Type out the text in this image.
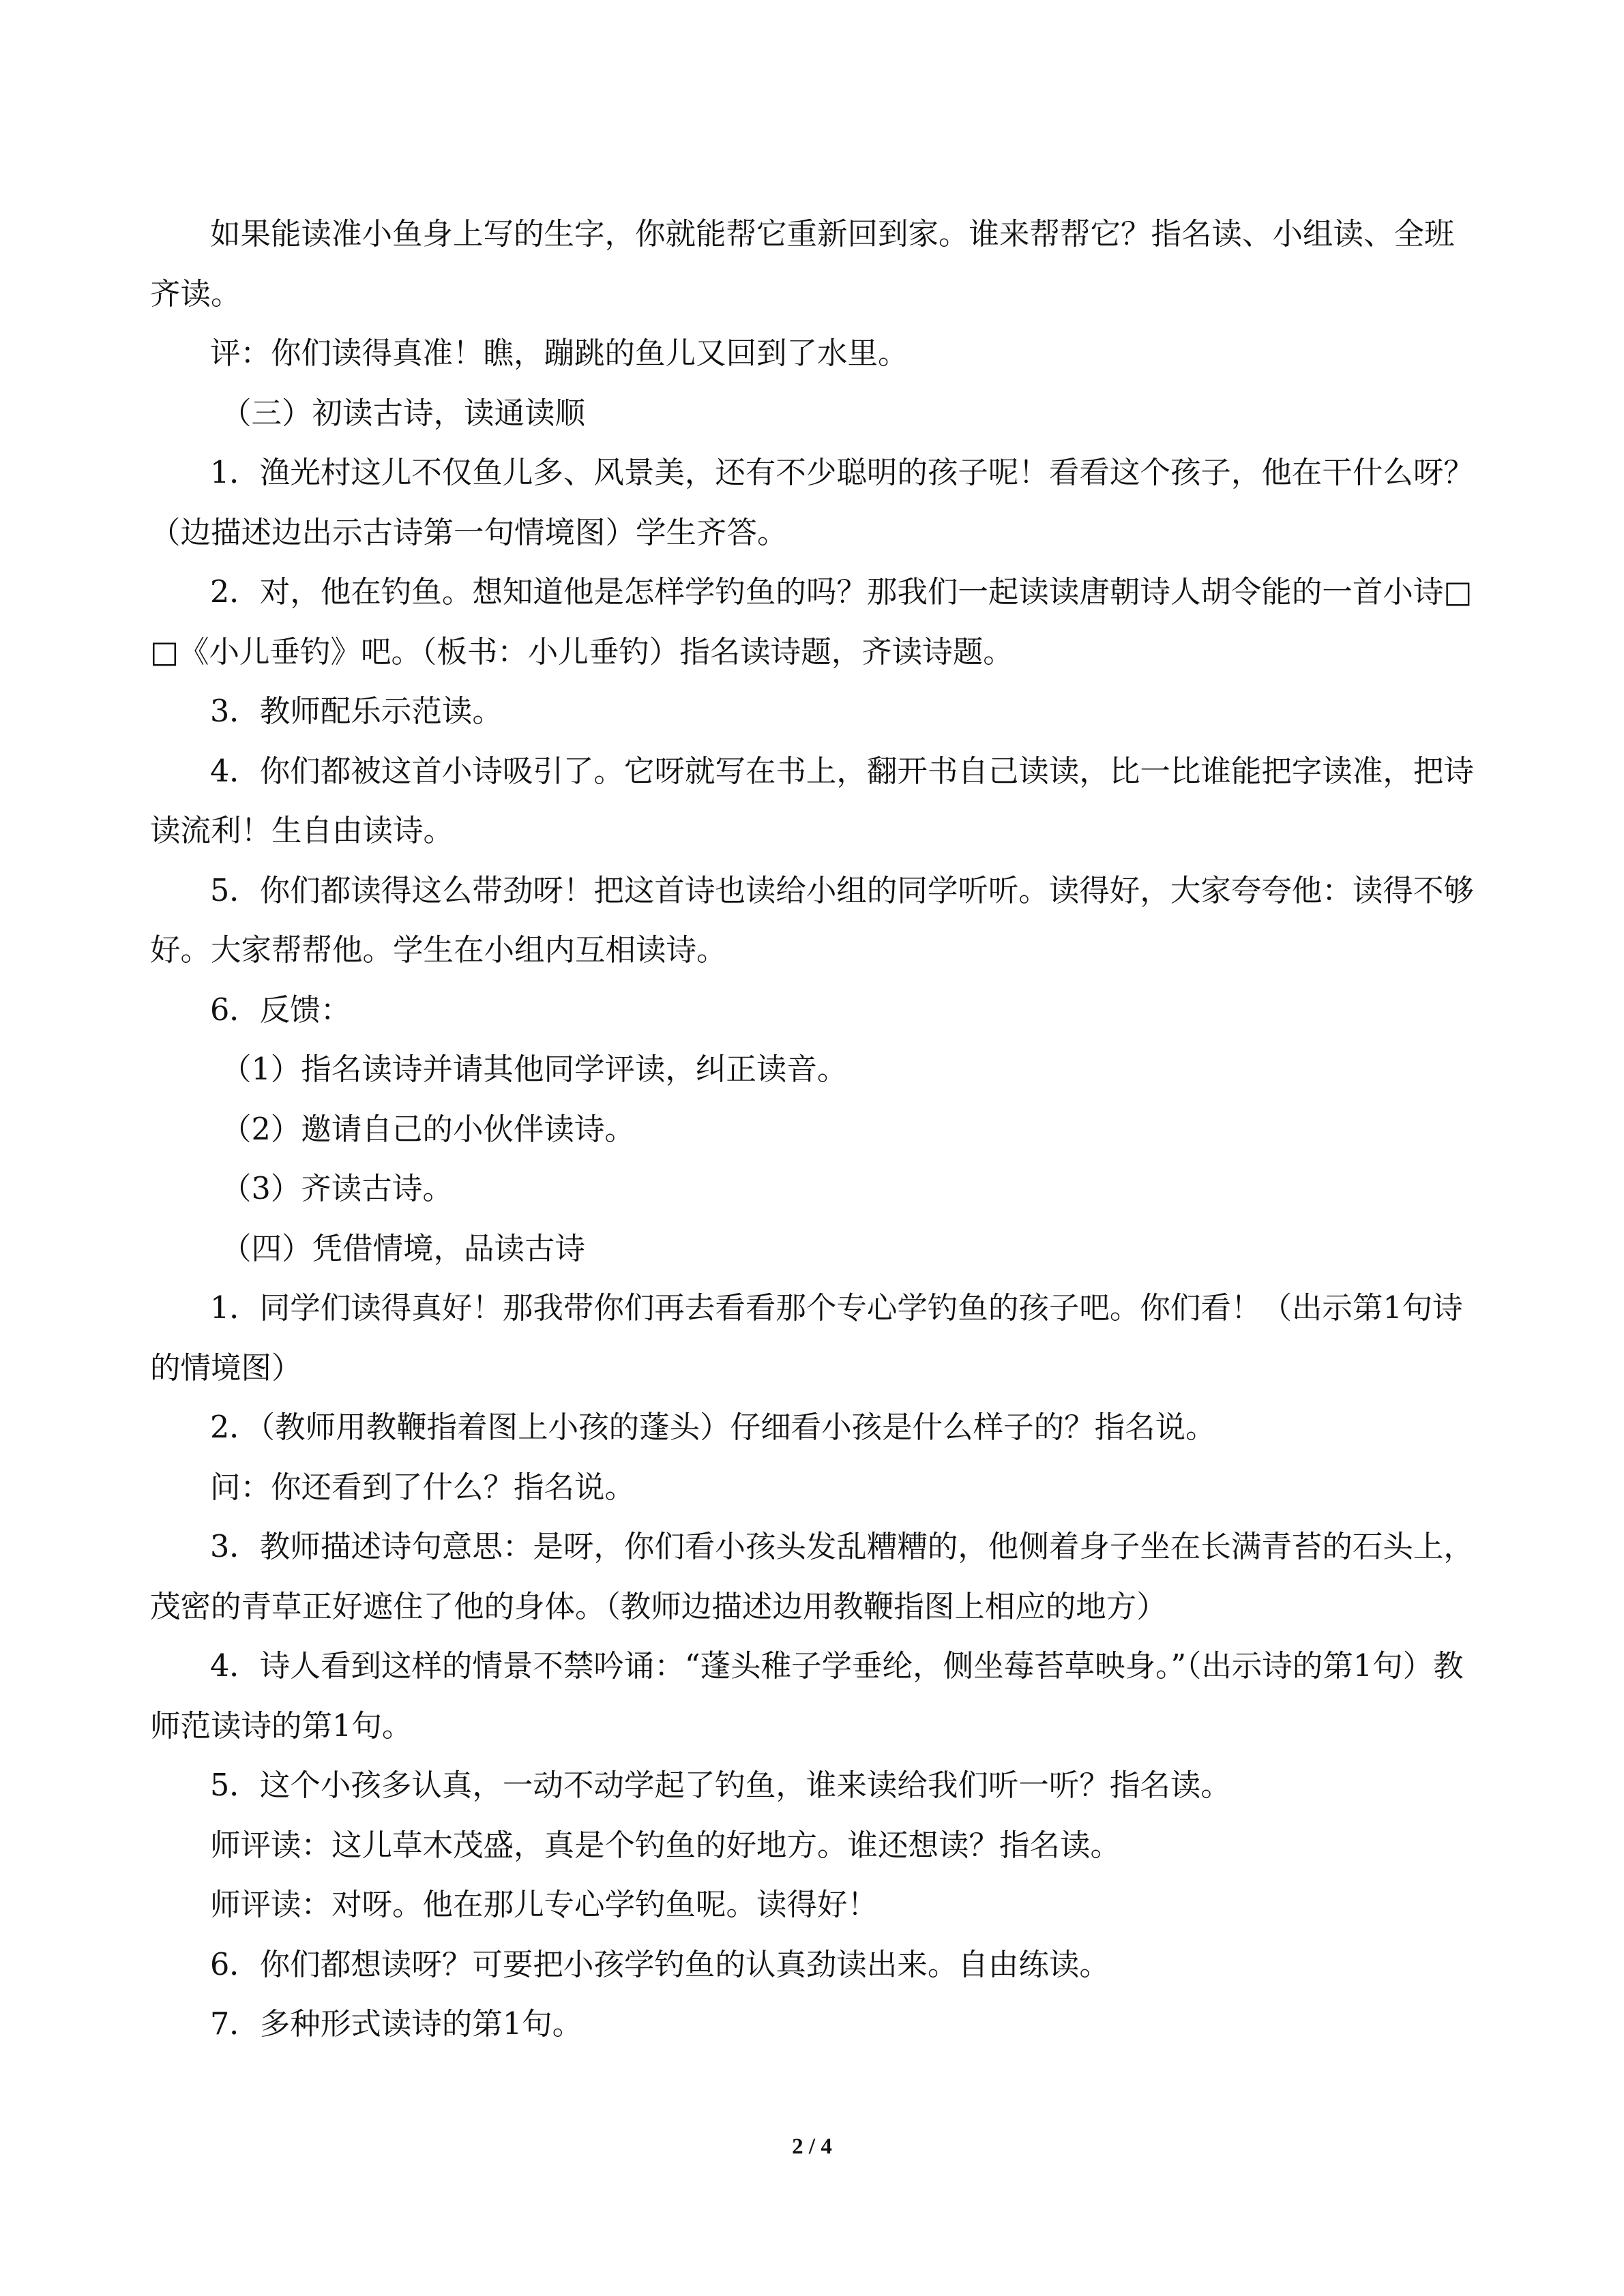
如果能读准小鱼身上写的生字，你就能帮它重新回到家。谁来帮帮它？指名读、小组读、全班齐读。

评：你们读得真准！瞧，蹦跳的鱼儿又回到了水里。

（三）初读古诗，读通读顺

1．渔光村这儿不仅鱼儿多、风景美，还有不少聪明的孩子呢！看看这个孩子，他在干什么呀？（边描述边出示古诗第一句情境图）学生齐答。

2．对，他在钓鱼。想知道他是怎样学钓鱼的吗？那我们一起读读唐朝诗人胡令能的一首小诗□□《小儿垂钓》吧。（板书：小儿垂钓）指名读诗题，齐读诗题。

3．教师配乐示范读。

4．你们都被这首小诗吸引了。它呀就写在书上，翻开书自己读读，比一比谁能把字读准，把诗读流利！生自由读诗。

5．你们都读得这么带劲呀！把这首诗也读给小组的同学听听。读得好，大家夸夸他：读得不够好。大家帮帮他。学生在小组内互相读诗。

6．反馈：

（1）指名读诗并请其他同学评读，纠正读音。

（2）邀请自己的小伙伴读诗。

（3）齐读古诗。

（四）凭借情境，品读古诗

1．同学们读得真好！那我带你们再去看看那个专心学钓鱼的孩子吧。你们看！（出示第1句诗的情境图）

2．（教师用教鞭指着图上小孩的蓬头）仔细看小孩是什么样子的？指名说。

问：你还看到了什么？指名说。

3．教师描述诗句意思：是呀，你们看小孩头发乱糟糟的，他侧着身子坐在长满青苔的石头上，茂密的青草正好遮住了他的身体。（教师边描述边用教鞭指图上相应的地方）

4．诗人看到这样的情景不禁吟诵：“蓬头稚子学垂纶，侧坐莓苔草映身。”（出示诗的第1句）教师范读诗的第1句。

5．这个小孩多认真，一动不动学起了钓鱼，谁来读给我们听一听？指名读。

师评读：这儿草木茂盛，真是个钓鱼的好地方。谁还想读？指名读。

师评读：对呀。他在那儿专心学钓鱼呢。读得好！

6．你们都想读呀？可要把小孩学钓鱼的认真劲读出来。自由练读。

7．多种形式读诗的第1句。

2 / 4
